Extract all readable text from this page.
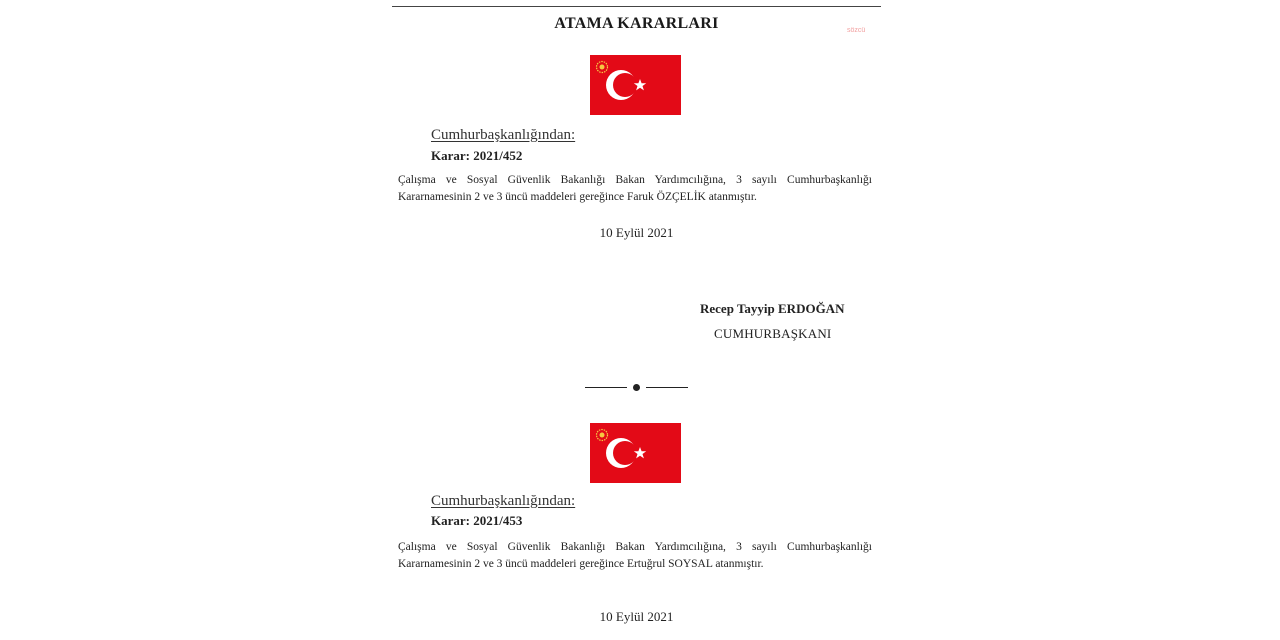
ATAMA KARARLARI	sözcü
Cumhurbaşkanlığından:
Karar: 2021/452
Çalışma ve Sosyal Güvenlik Bakanlığı Bakan Yardımcılığına, 3 sayılı Cumhurbaşkanlığı Kararnamesinin 2 ve 3 üncü maddeleri gereğince Faruk ÖZÇELİK atanmıştır.
10 Eylül 2021
Recep Tayyip ERDOĞAN
CUMHURBAŞKANI
Cumhurbaşkanlığından:
Karar: 2021/453
Çalışma ve Sosyal Güvenlik Bakanlığı Bakan Yardımcılığına, 3 sayılı Cumhurbaşkanlığı Kararnamesinin 2 ve 3 üncü maddeleri gereğince Ertuğrul SOYSAL atanmıştır.
10 Eylül 2021
